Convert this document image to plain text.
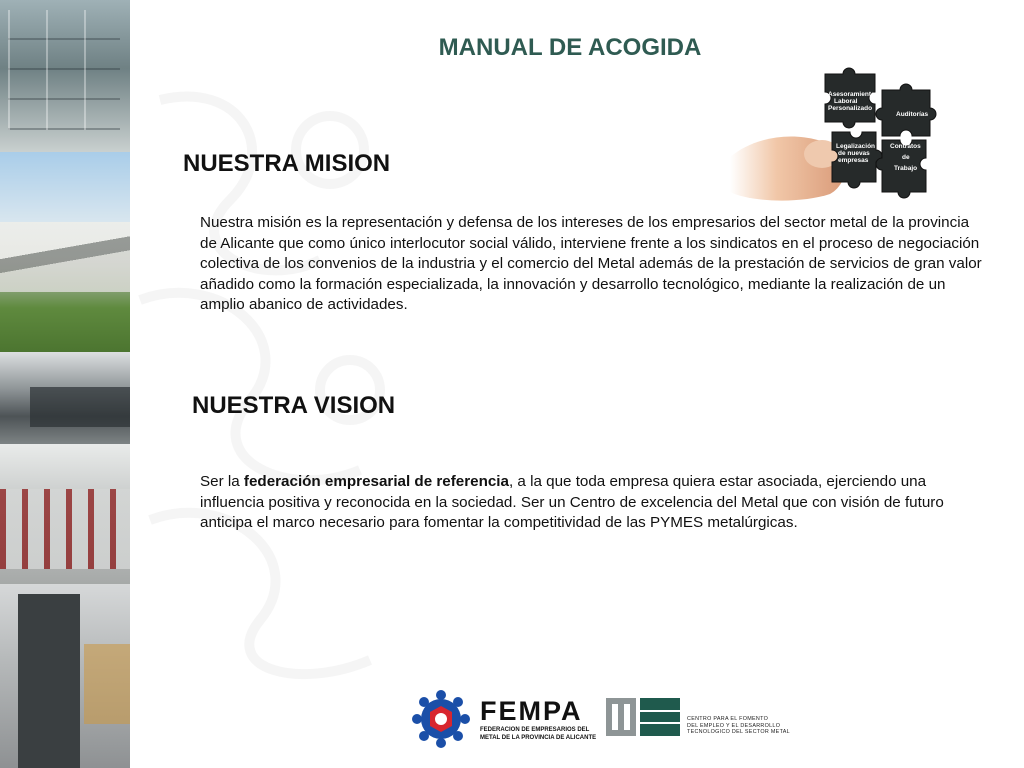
MANUAL DE ACOGIDA
Asesoramiento
Laboral
Personalizado
Auditorías
Legalización
de nuevas
empresas
Contratos
de
Trabajo
NUESTRA MISION
Nuestra misión es la representación y defensa de los intereses de los empresarios del sector metal de la provincia de Alicante que como único interlocutor social válido, interviene frente a los sindicatos en el proceso de negociación colectiva de los convenios de la industria y el comercio del Metal además de la prestación de servicios de gran valor añadido como la formación especializada, la innovación y desarrollo tecnológico, mediante la realización de un amplio abanico de actividades.
NUESTRA VISION
Ser la federación empresarial de referencia, a la que toda empresa quiera estar asociada, ejerciendo una influencia positiva y reconocida en la sociedad. Ser un Centro de excelencia del Metal que con visión de futuro anticipa el marco necesario para fomentar la competitividad de las PYMES metalúrgicas.
FEMPA
FEDERACION DE EMPRESARIOS DEL
METAL DE LA PROVINCIA DE ALICANTE
CENTRO PARA EL FOMENTO
DEL EMPLEO Y EL DESARROLLO
TECNOLOGICO DEL SECTOR METAL
